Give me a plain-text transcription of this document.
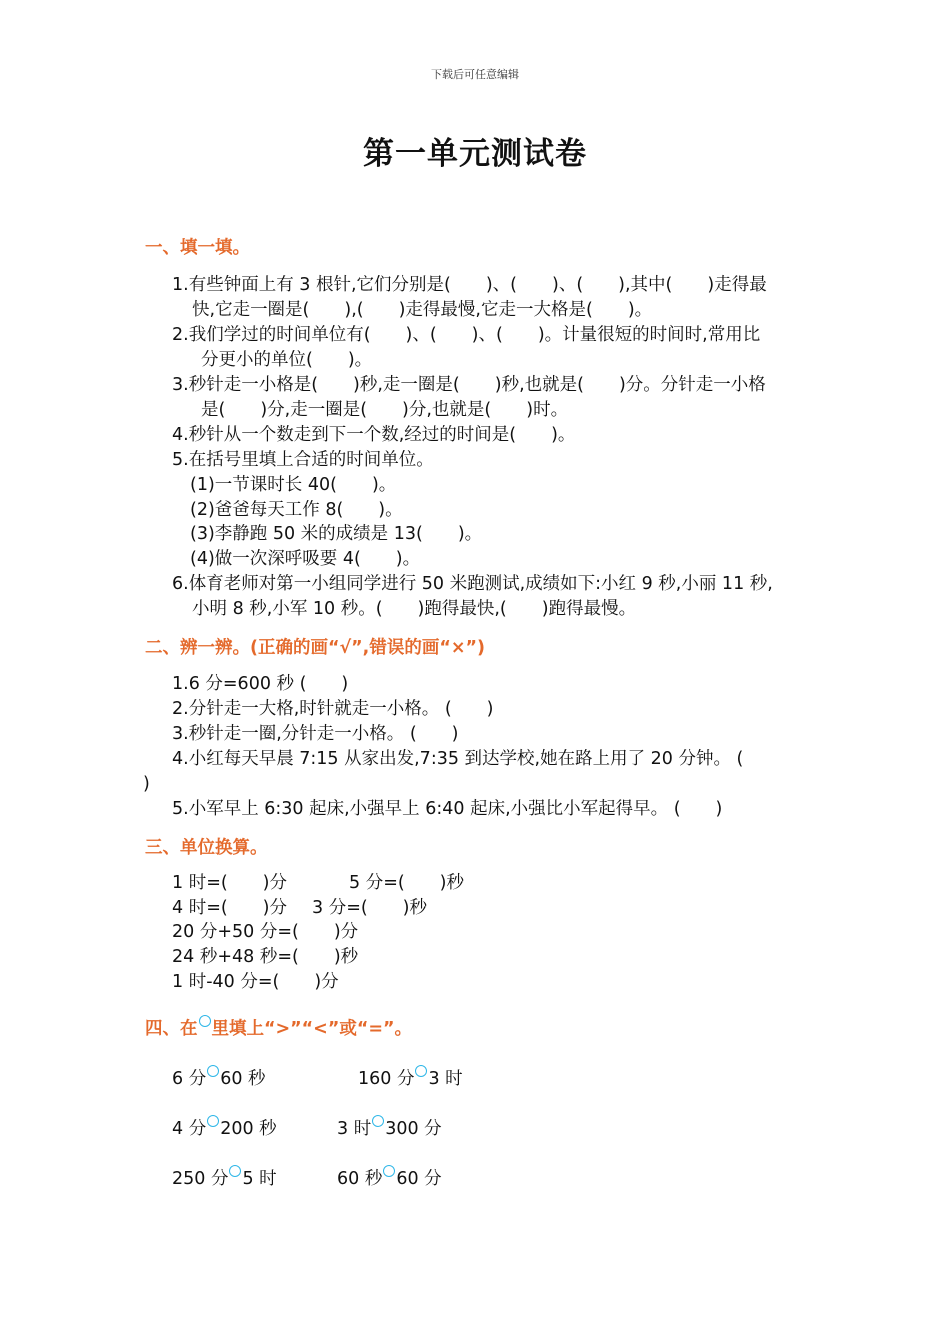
下载后可任意编辑
第一单元测试卷
一、填一填。
1.有些钟面上有 3 根针,它们分别是(　　)、(　　)、(　　),其中(　　)走得最
快,它走一圈是(　　),(　　)走得最慢,它走一大格是(　　)。
2.我们学过的时间单位有(　　)、(　　)、(　　)。计量很短的时间时,常用比
分更小的单位(　　)。
3.秒针走一小格是(　　)秒,走一圈是(　　)秒,也就是(　　)分。分针走一小格
是(　　)分,走一圈是(　　)分,也就是(　　)时。
4.秒针从一个数走到下一个数,经过的时间是(　　)。
5.在括号里填上合适的时间单位。
(1)一节课时长 40(　　)。
(2)爸爸每天工作 8(　　)。
(3)李静跑 50 米的成绩是 13(　　)。
(4)做一次深呼吸要 4(　　)。
6.体育老师对第一小组同学进行 50 米跑测试,成绩如下:小红 9 秒,小丽 11 秒,
小明 8 秒,小军 10 秒。(　　)跑得最快,(　　)跑得最慢。
二、辨一辨。(正确的画“√”,错误的画“×”)
1.6 分=600 秒 (　　)
2.分针走一大格,时针就走一小格。 (　　)
3.秒针走一圈,分针走一小格。 (　　)
4.小红每天早晨 7:15 从家出发,7:35 到达学校,她在路上用了 20 分钟。 (
)
5.小军早上 6:30 起床,小强早上 6:40 起床,小强比小军起得早。 (　　)
三、单位换算。
1 时=(　　)分	5 分=(　　)秒
4 时=(　　)分 3 分=(　　)秒
20 分+50 分=(　　)分
24 秒+48 秒=(　　)秒
1 时-40 分=(　　)分
四、在 里填上“>”“<”或“=”。
6 分 60 秒	160 分 3 时
4 分 200 秒	3 时 300 分
250 分 5 时	60 秒 60 分
